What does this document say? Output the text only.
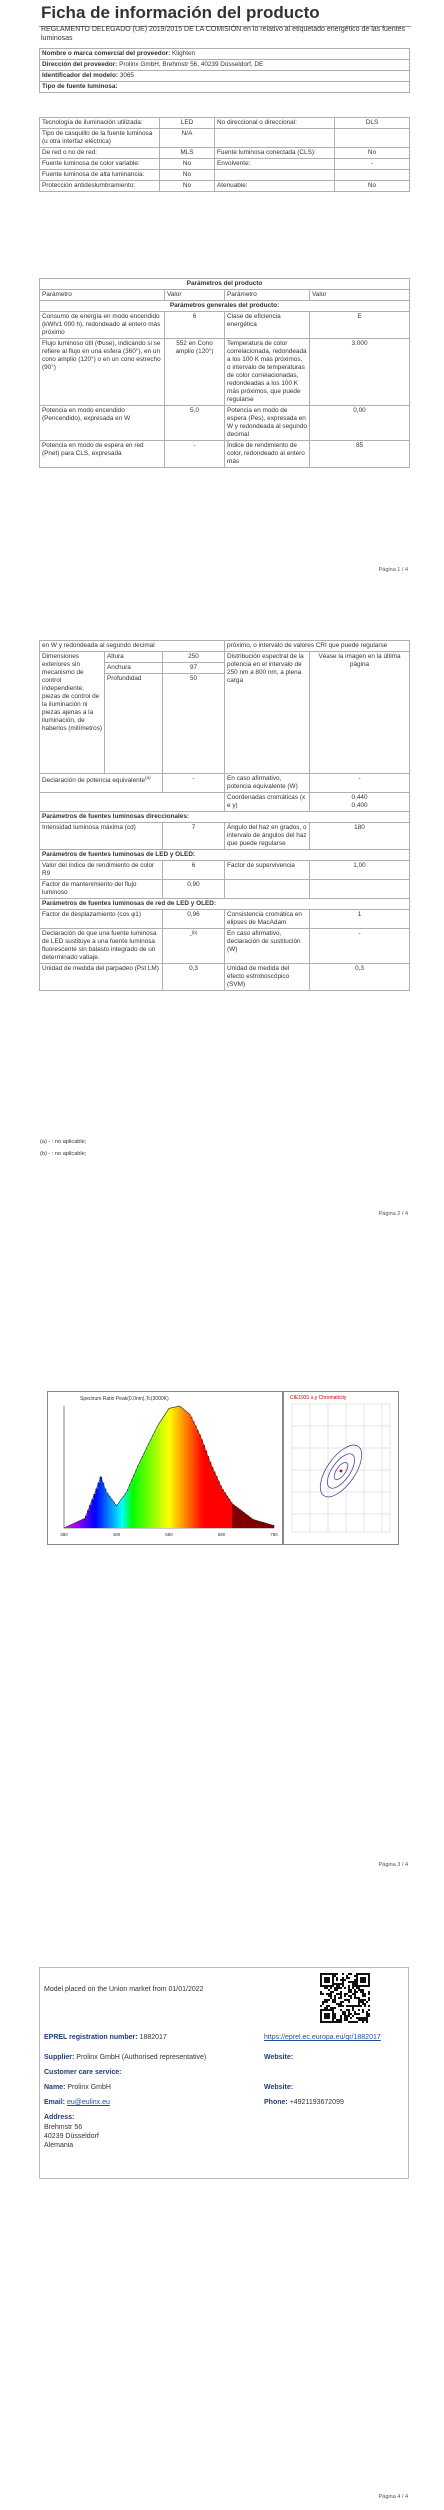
Ficha de información del producto
REGLAMENTO DELEGADO (UE) 2019/2015 DE LA COMISIÓN en lo relativo al etiquetado energético de las fuentes luminosas
Nombre o marca comercial del proveedor: Klighten
Dirección del proveedor: Prolinx GmbH, Brehmstr 56, 40239 Düsseldorf, DE
Identificador del modelo: 3065
Tipo de fuente luminosa:
Tecnología de iluminación utilizada:	LED	No direccional o direccional:	DLS
Tipo de casquillo de la fuente luminosa
(u otra interfaz eléctrica)	N/A		
De red o no de red:	MLS	Fuente luminosa conectada (CLS):	No
Fuente luminosa de color variable:	No	Envolvente:	-
Fuente luminosa de alta luminancia:	No		
Protección antideslumbramiento:	No	Atenuable:	No
Parámetros del producto			
Parámetro	Valor	Parámetro	Valor
Parámetros generales del producto:			
Consumo de energía en modo encendido (kWh/1 000 h), redondeado al entero más próximo	6	Clase de eficiencia energética	E
Flujo luminoso útil (Φuse), indicando si se refiere al flujo en una esfera (360°), en un cono amplio (120°) o en un cono estrecho (90°)	552 en Cono amplio (120°)	Temperatura de color correlacionada, redondeada a los 100 K más próximos, o intervalo de temperaturas de color correlacionadas, redondeadas a los 100 K más próximos, que puede regularse	3.000
Potencia en modo encendido (Pencendido), expresada en W	5,0	Potencia en modo de espera (Pes), expresada en W y redondeada al segundo decimal	0,00
Potencia en modo de espera en red (Pnet) para CLS, expresada	-	Índice de rendimiento de color, redondeado al entero más	85
Página 1 / 4
en W y redondeada al segundo decimal			próximo, o intervalo de valores CRI que puede regularse	
Dimensiones exteriores sin mecanismo de control independiente, piezas de control de la iluminación ni piezas ajenas a la iluminación, de haberlos (milímetros)	Altura	250	Distribución espectral de la potencia en el intervalo de 250 nm a 800 nm, a plena carga	Véase la imagen en la última página
	Anchura	97		
	Profundidad	50		
Declaración de potencia equivalente$^{(a)}$		-	En caso afirmativo, potencia equivalente (W)	-
			Coordenadas cromáticas (x e y)	0,440
0,400
Parámetros de fuentes luminosas direccionales:				
Intensidad luminosa máxima (cd)		7	Ángulo del haz en grados, o intervalo de ángulos del haz que puede regularse	180
Parámetros de fuentes luminosas de LED y OLED:				
Valor del índice de rendimiento de color R9		6	Factor de supervivencia	1,00
Factor de mantenimiento del flujo luminoso		0,90		
Parámetros de fuentes luminosas de red de LED y OLED:				
Factor de desplazamiento (cos φ1)		0,96	Consistencia cromática en elipses de MacAdam	1
Declaración de que una fuente luminosa de LED sustituye a una fuente luminosa fluorescente sin balasto integrado de un determinado vatiaje.		-$^{(b)}$	En caso afirmativo, declaración de sustitución (W)	-
Unidad de medida del parpadeo (Pst LM)		0,3	Unidad de medida del efecto estroboscópico (SVM)	0,3
(a) - : no aplicable;
(b) - : no aplicable;
Página 2 / 4
Spectrum Ratio Peak(0.0nm),Tc(3000K)
380	480	580	680	780
CIE1931 x,y Chromaticity
Página 3 / 4
Model placed on the Union market from 01/01/2022
EPREL registration number: 1882017	https://eprel.ec.europa.eu/qr/1882017
Supplier: Prolinx GmbH (Authorised representative)	Website:
Customer care service:
Name: Prolinx GmbH	Website:
Email: eu@eulinx.eu	Phone: +4921193672099
Address:
Brehmstr 56
40239 Düsseldorf
Alemania
Página 4 / 4
